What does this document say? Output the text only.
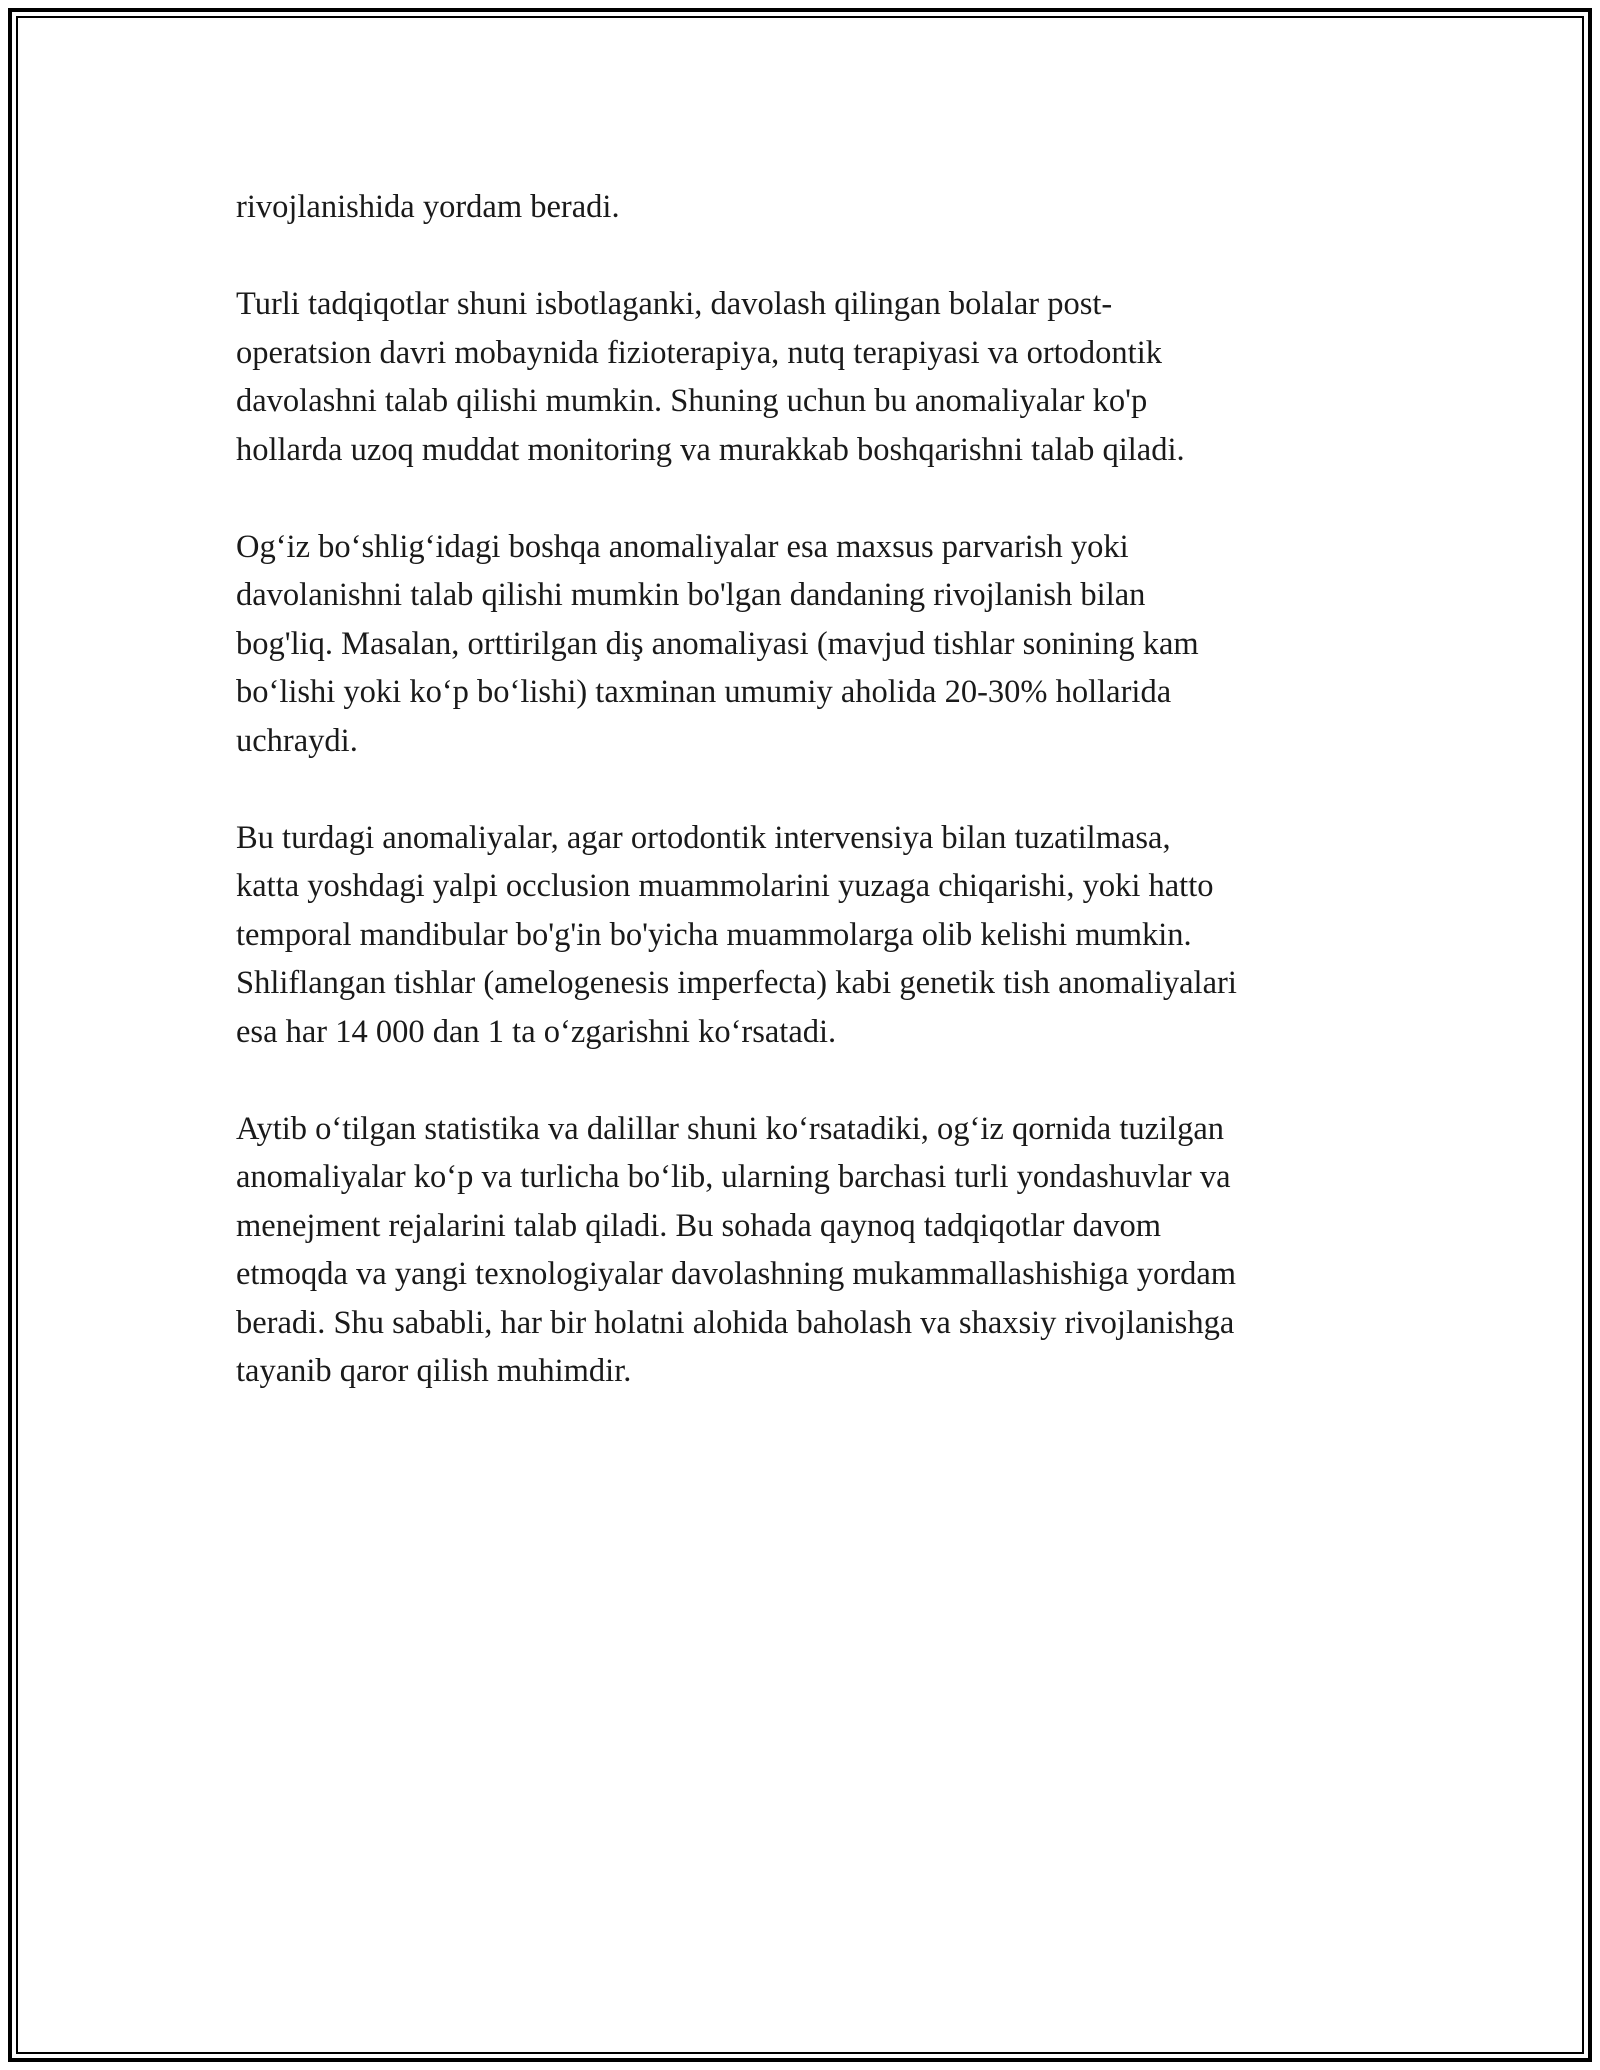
rivojlanishida yordam beradi.

Turli tadqiqotlar shuni isbotlaganki, davolash qilingan bolalar post-
operatsion davri mobaynida fizioterapiya, nutq terapiyasi va ortodontik
davolashni talab qilishi mumkin. Shuning uchun bu anomaliyalar ko'p
hollarda uzoq muddat monitoring va murakkab boshqarishni talab qiladi.

Ogʻiz boʻshligʻidagi boshqa anomaliyalar esa maxsus parvarish yoki
davolanishni talab qilishi mumkin bo'lgan dandaning rivojlanish bilan
bog'liq. Masalan, orttirilgan diş anomaliyasi (mavjud tishlar sonining kam
boʻlishi yoki koʻp boʻlishi) taxminan umumiy aholida 20-30% hollarida
uchraydi.

Bu turdagi anomaliyalar, agar ortodontik intervensiya bilan tuzatilmasa,
katta yoshdagi yalpi occlusion muammolarini yuzaga chiqarishi, yoki hatto
temporal mandibular bo'g'in bo'yicha muammolarga olib kelishi mumkin.
Shliflangan tishlar (amelogenesis imperfecta) kabi genetik tish anomaliyalari
esa har 14 000 dan 1 ta oʻzgarishni koʻrsatadi.

Aytib oʻtilgan statistika va dalillar shuni koʻrsatadiki, ogʻiz qornida tuzilgan
anomaliyalar koʻp va turlicha boʻlib, ularning barchasi turli yondashuvlar va
menejment rejalarini talab qiladi. Bu sohada qaynoq tadqiqotlar davom
etmoqda va yangi texnologiyalar davolashning mukammallashishiga yordam
beradi. Shu sababli, har bir holatni alohida baholash va shaxsiy rivojlanishga
tayanib qaror qilish muhimdir.
